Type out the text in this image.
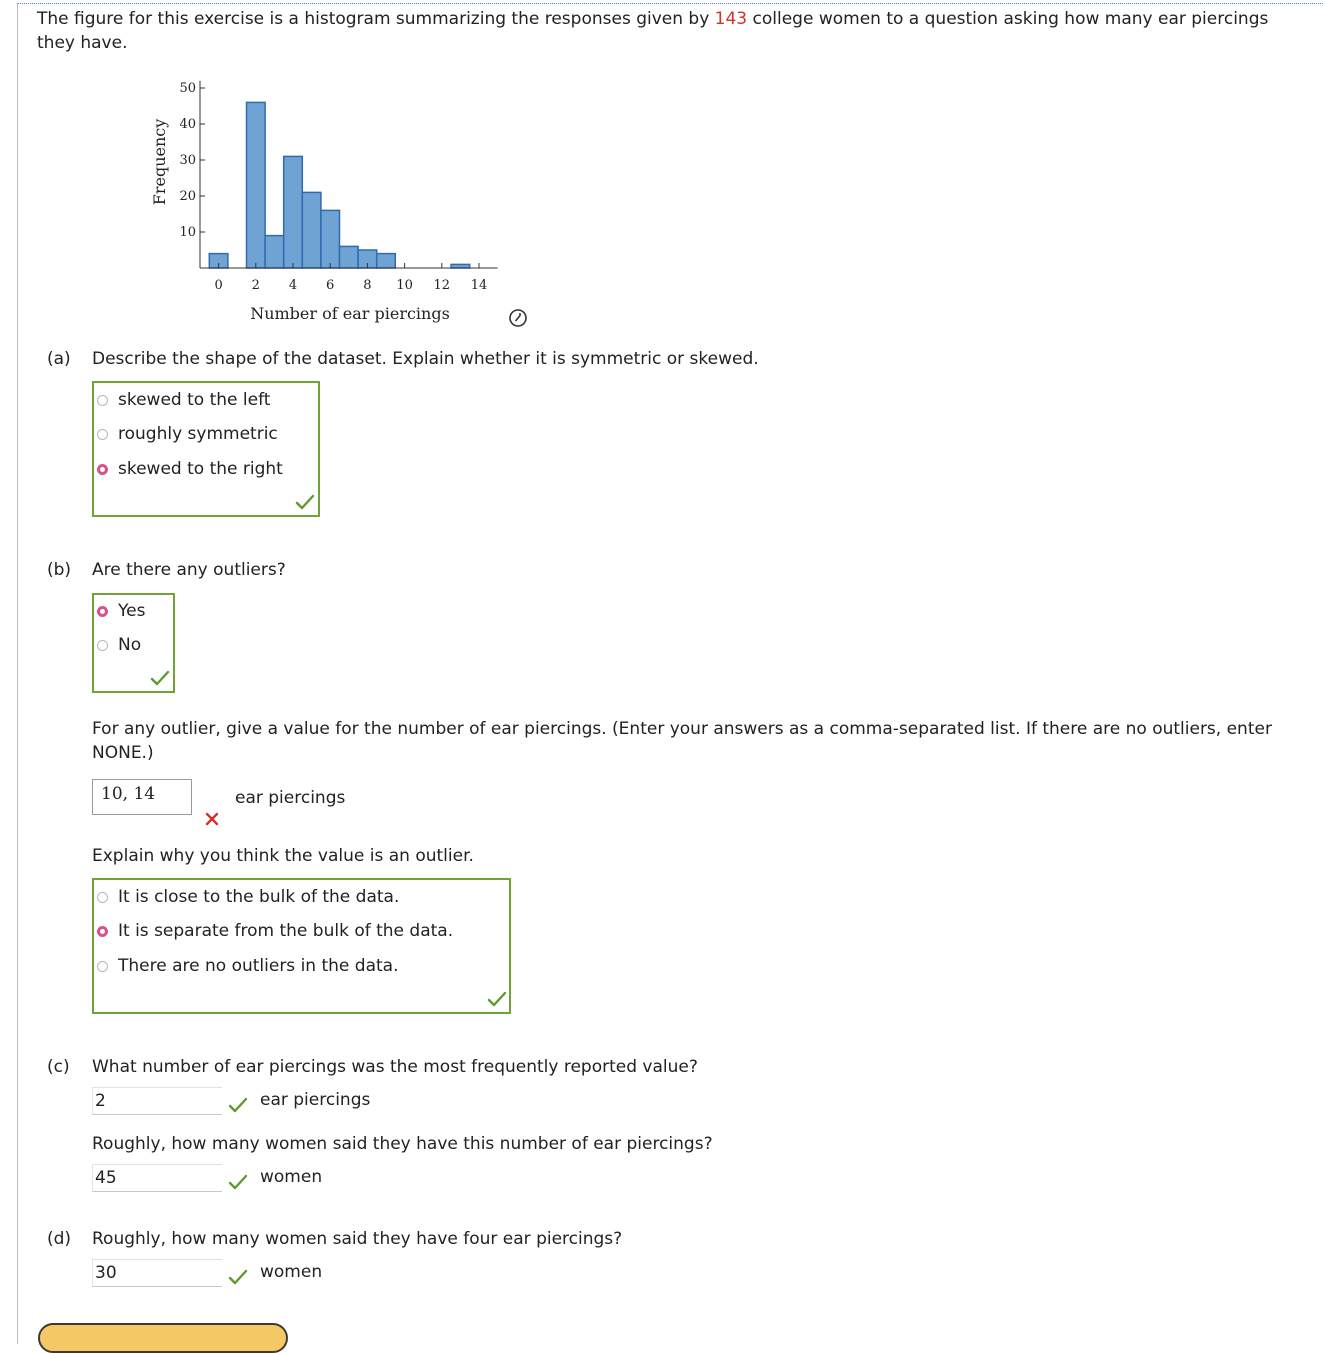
The figure for this exercise is a histogram summarizing the responses given by 143 college women to a question asking how many ear piercings they have.
10
20
30
40
50
0 2 4 6 8 10 12 14
Frequency
Number of ear piercings
(a) Describe the shape of the dataset. Explain whether it is symmetric or skewed.
skewed to the left
roughly symmetric
skewed to the right
(b) Are there any outliers?
Yes
No
For any outlier, give a value for the number of ear piercings. (Enter your answers as a comma-separated list. If there are no outliers, enter NONE.)
10, 14	ear piercings
Explain why you think the value is an outlier.
It is close to the bulk of the data.
It is separate from the bulk of the data.
There are no outliers in the data.
(c) What number of ear piercings was the most frequently reported value?
2	ear piercings
Roughly, how many women said they have this number of ear piercings?
45	women
(d) Roughly, how many women said they have four ear piercings?
30	women
